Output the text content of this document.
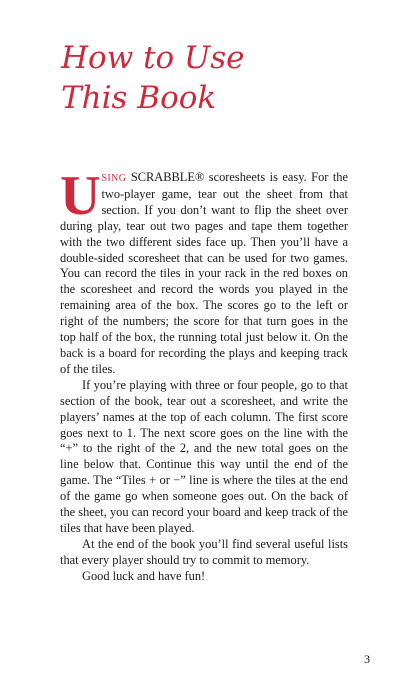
How to Use
This Book

USING SCRABBLE® scoresheets is easy. For the two-player game, tear out the sheet from that section. If you don’t want to flip the sheet over during play, tear out two pages and tape them together with the two different sides face up. Then you’ll have a double-sided scoresheet that can be used for two games. You can record the tiles in your rack in the red boxes on the scoresheet and record the words you played in the remaining area of the box. The scores go to the left or right of the numbers; the score for that turn goes in the top half of the box, the running total just below it. On the back is a board for recording the plays and keeping track of the tiles.

If you’re playing with three or four people, go to that section of the book, tear out a scoresheet, and write the players’ names at the top of each column. The first score goes next to 1. The next score goes on the line with the “+” to the right of the 2, and the new total goes on the line below that. Continue this way until the end of the game. The “Tiles + or −” line is where the tiles at the end of the game go when someone goes out. On the back of the sheet, you can record your board and keep track of the tiles that have been played.

At the end of the book you’ll find several useful lists that every player should try to commit to memory.

Good luck and have fun!

3
